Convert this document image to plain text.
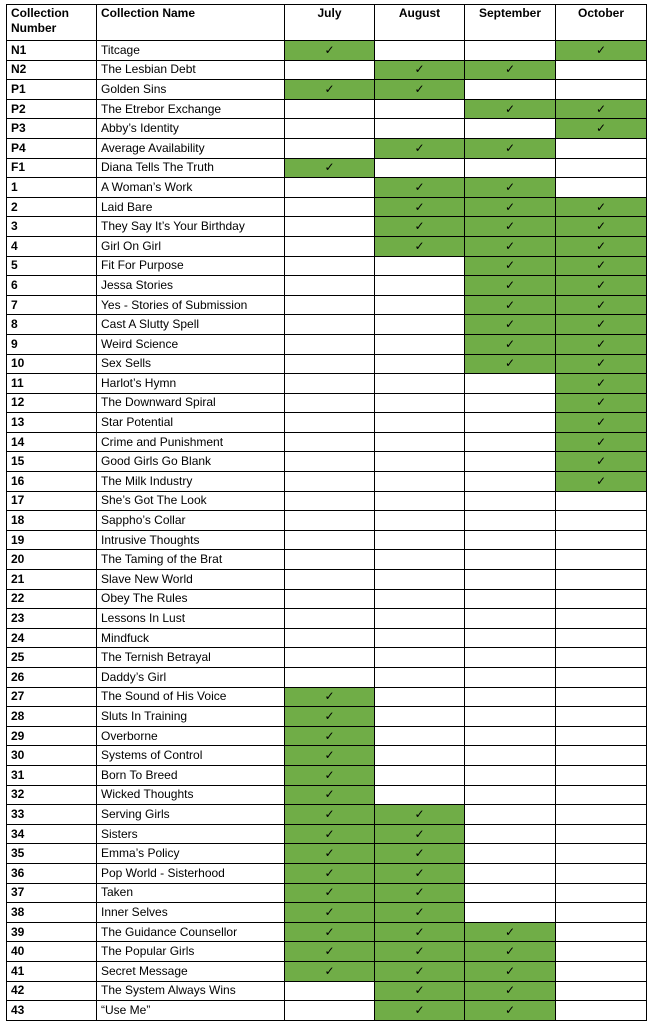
Collection Number	Collection Name	July	August	September	October
N1	Titcage	✓			✓
N2	The Lesbian Debt		✓	✓	
P1	Golden Sins	✓	✓		
P2	The Etrebor Exchange			✓	✓
P3	Abby’s Identity				✓
P4	Average Availability		✓	✓	
F1	Diana Tells The Truth	✓			
1	A Woman’s Work		✓	✓	
2	Laid Bare		✓	✓	✓
3	They Say It’s Your Birthday		✓	✓	✓
4	Girl On Girl		✓	✓	✓
5	Fit For Purpose			✓	✓
6	Jessa Stories			✓	✓
7	Yes - Stories of Submission			✓	✓
8	Cast A Slutty Spell			✓	✓
9	Weird Science			✓	✓
10	Sex Sells			✓	✓
11	Harlot’s Hymn				✓
12	The Downward Spiral				✓
13	Star Potential				✓
14	Crime and Punishment				✓
15	Good Girls Go Blank				✓
16	The Milk Industry				✓
17	She’s Got The Look				
18	Sappho’s Collar				
19	Intrusive Thoughts				
20	The Taming of the Brat				
21	Slave New World				
22	Obey The Rules				
23	Lessons In Lust				
24	Mindfuck				
25	The Ternish Betrayal				
26	Daddy’s Girl				
27	The Sound of His Voice	✓			
28	Sluts In Training	✓			
29	Overborne	✓			
30	Systems of Control	✓			
31	Born To Breed	✓			
32	Wicked Thoughts	✓			
33	Serving Girls	✓	✓		
34	Sisters	✓	✓		
35	Emma’s Policy	✓	✓		
36	Pop World - Sisterhood	✓	✓		
37	Taken	✓	✓		
38	Inner Selves	✓	✓		
39	The Guidance Counsellor	✓	✓	✓	
40	The Popular Girls	✓	✓	✓	
41	Secret Message	✓	✓	✓	
42	The System Always Wins		✓	✓	
43	“Use Me”		✓	✓	
